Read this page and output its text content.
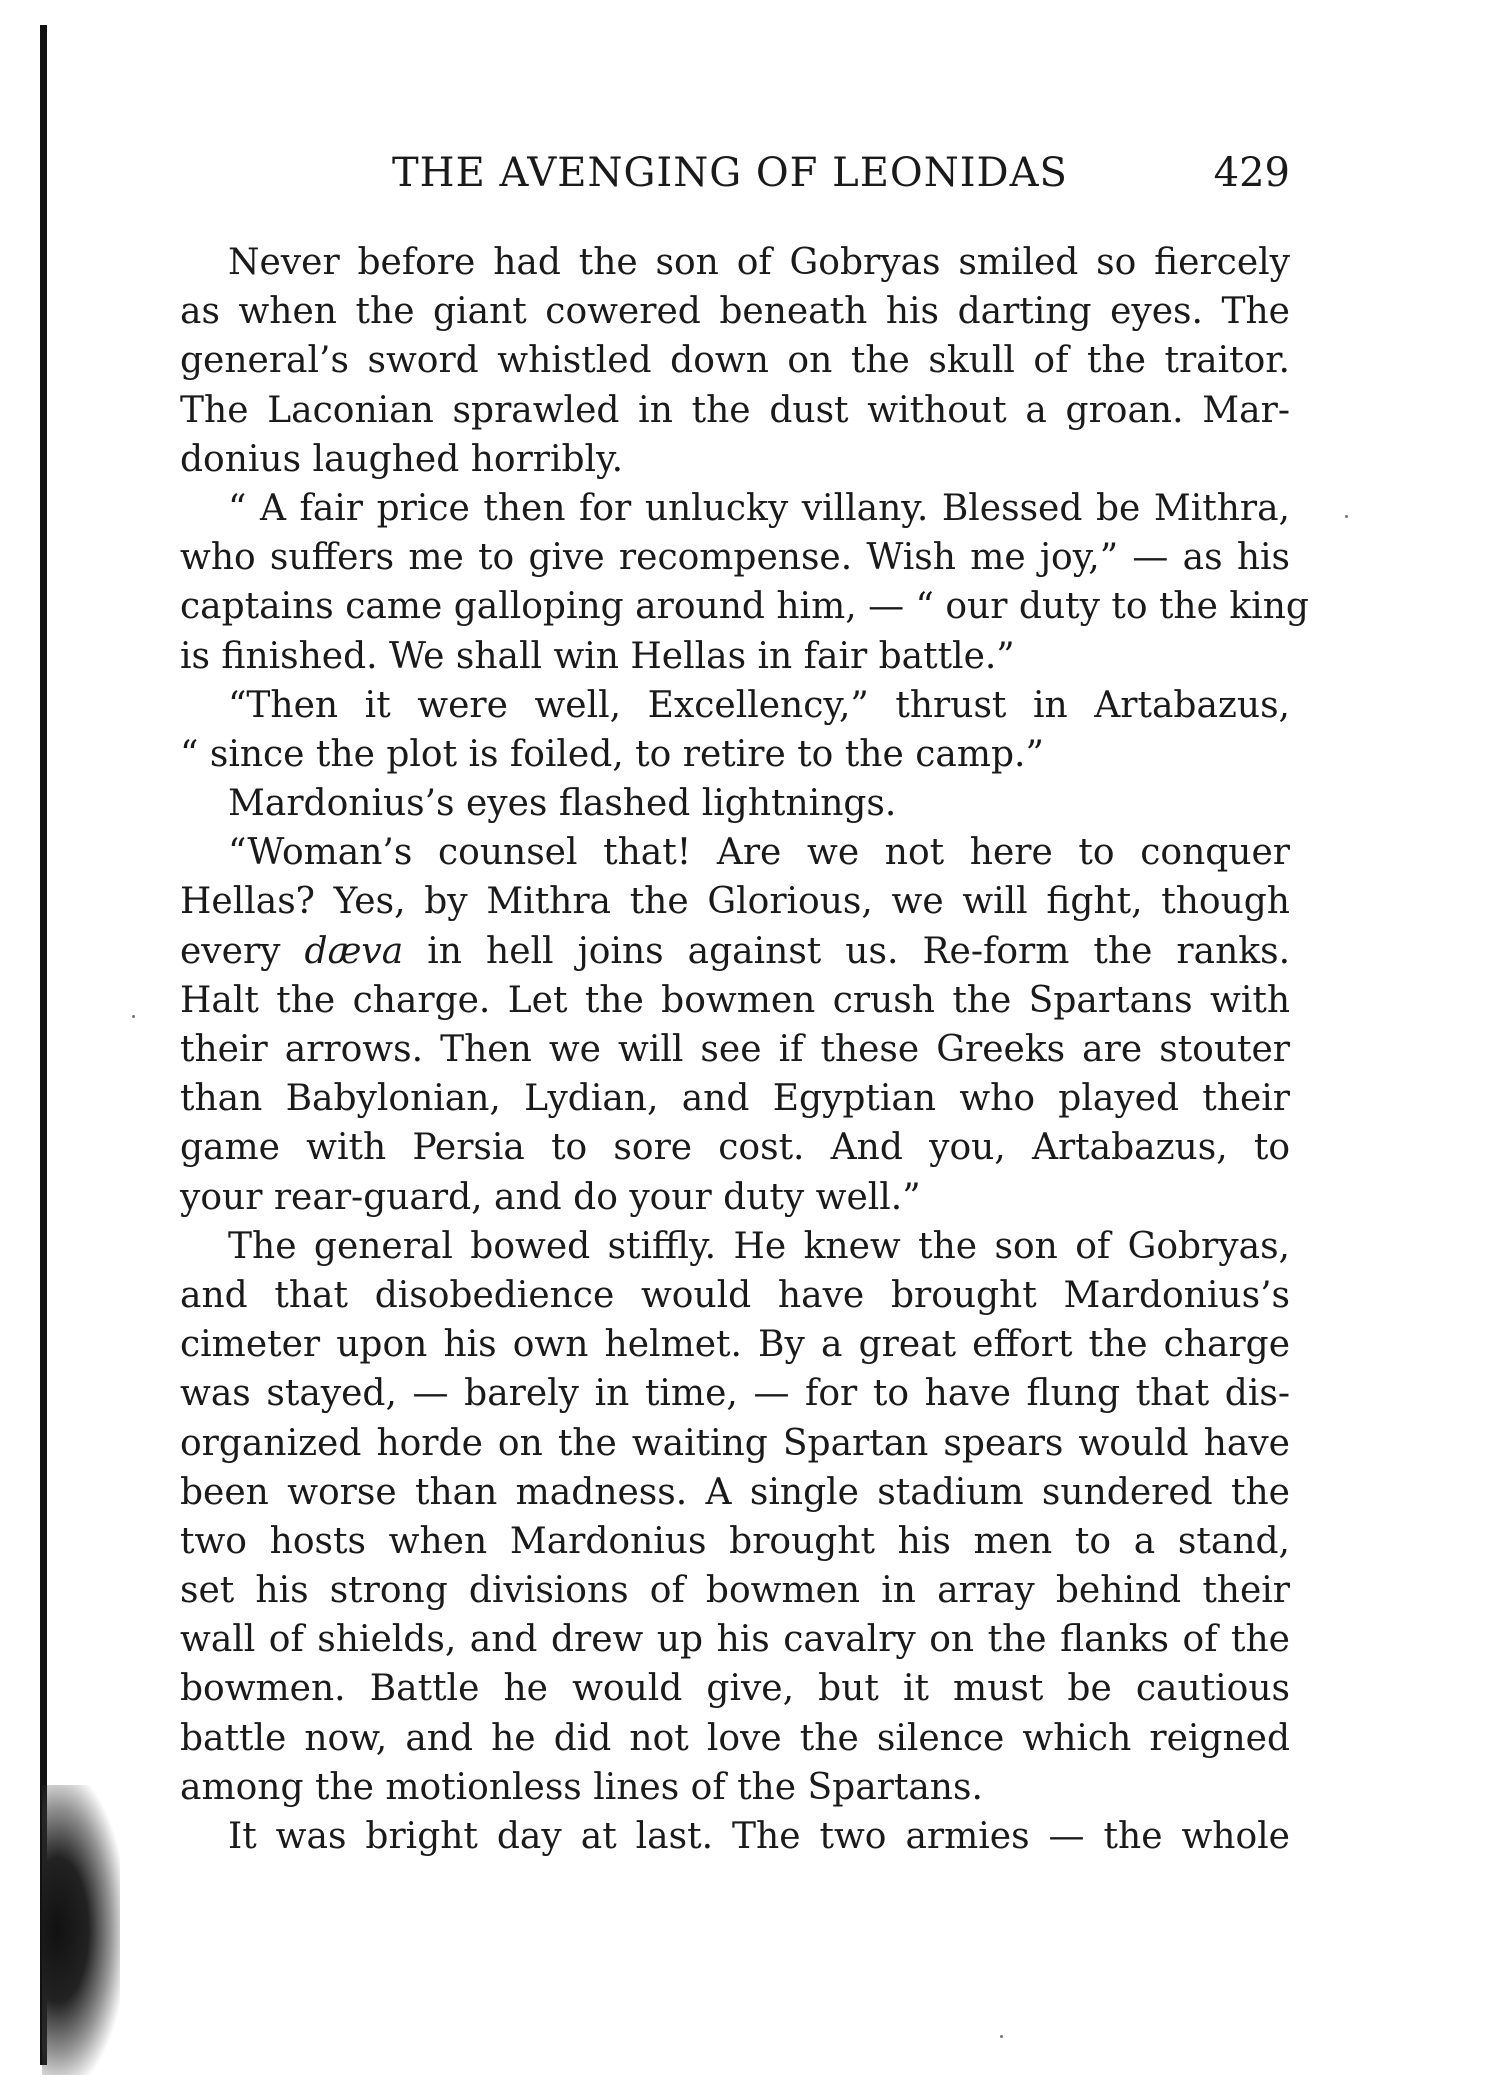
THE AVENGING OF LEONIDAS	429
Never before had the son of Gobryas smiled so fiercely
as when the giant cowered beneath his darting eyes. The
general’s sword whistled down on the skull of the traitor.
The Laconian sprawled in the dust without a groan. Mar-
donius laughed horribly.
“ A fair price then for unlucky villany. Blessed be Mithra,
who suffers me to give recompense. Wish me joy,” — as his
captains came galloping around him, — “ our duty to the king
is finished. We shall win Hellas in fair battle.”
“Then it were well, Excellency,” thrust in Artabazus,
“ since the plot is foiled, to retire to the camp.”
Mardonius’s eyes flashed lightnings.
“Woman’s counsel that! Are we not here to conquer
Hellas? Yes, by Mithra the Glorious, we will fight, though
every dæva in hell joins against us. Re-form the ranks.
Halt the charge. Let the bowmen crush the Spartans with
their arrows. Then we will see if these Greeks are stouter
than Babylonian, Lydian, and Egyptian who played their
game with Persia to sore cost. And you, Artabazus, to
your rear-guard, and do your duty well.”
The general bowed stiffly. He knew the son of Gobryas,
and that disobedience would have brought Mardonius’s
cimeter upon his own helmet. By a great effort the charge
was stayed, — barely in time, — for to have flung that dis-
organized horde on the waiting Spartan spears would have
been worse than madness. A single stadium sundered the
two hosts when Mardonius brought his men to a stand,
set his strong divisions of bowmen in array behind their
wall of shields, and drew up his cavalry on the flanks of the
bowmen. Battle he would give, but it must be cautious
battle now, and he did not love the silence which reigned
among the motionless lines of the Spartans.
It was bright day at last. The two armies — the whole
